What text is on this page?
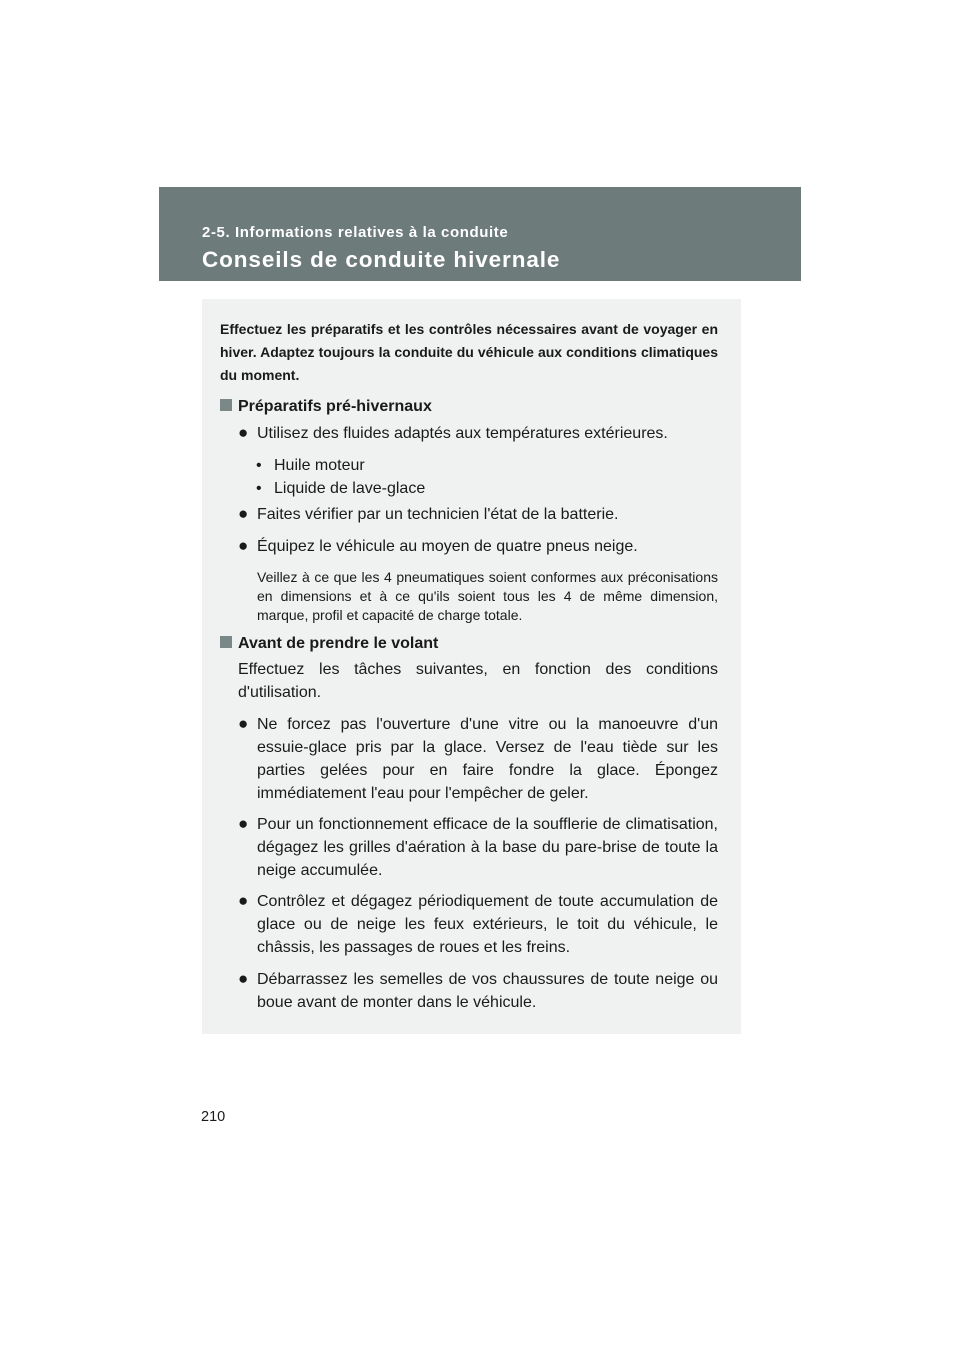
2-5. Informations relatives à la conduite
Conseils de conduite hivernale
Effectuez les préparatifs et les contrôles nécessaires avant de voyager en hiver. Adaptez toujours la conduite du véhicule aux conditions climatiques du moment.
Préparatifs pré-hivernaux
● Utilisez des fluides adaptés aux températures extérieures.
• Huile moteur
• Liquide de lave-glace
● Faites vérifier par un technicien l'état de la batterie.
● Équipez le véhicule au moyen de quatre pneus neige.
Veillez à ce que les 4 pneumatiques soient conformes aux préconisations en dimensions et à ce qu'ils soient tous les 4 de même dimension, marque, profil et capacité de charge totale.
Avant de prendre le volant
Effectuez les tâches suivantes, en fonction des conditions d'utilisation.
● Ne forcez pas l'ouverture d'une vitre ou la manoeuvre d'un essuie-glace pris par la glace. Versez de l'eau tiède sur les parties gelées pour en faire fondre la glace. Épongez immédiatement l'eau pour l'empêcher de geler.
● Pour un fonctionnement efficace de la soufflerie de climatisation, dégagez les grilles d'aération à la base du pare-brise de toute la neige accumulée.
● Contrôlez et dégagez périodiquement de toute accumulation de glace ou de neige les feux extérieurs, le toit du véhicule, le châssis, les passages de roues et les freins.
● Débarrassez les semelles de vos chaussures de toute neige ou boue avant de monter dans le véhicule.
210
